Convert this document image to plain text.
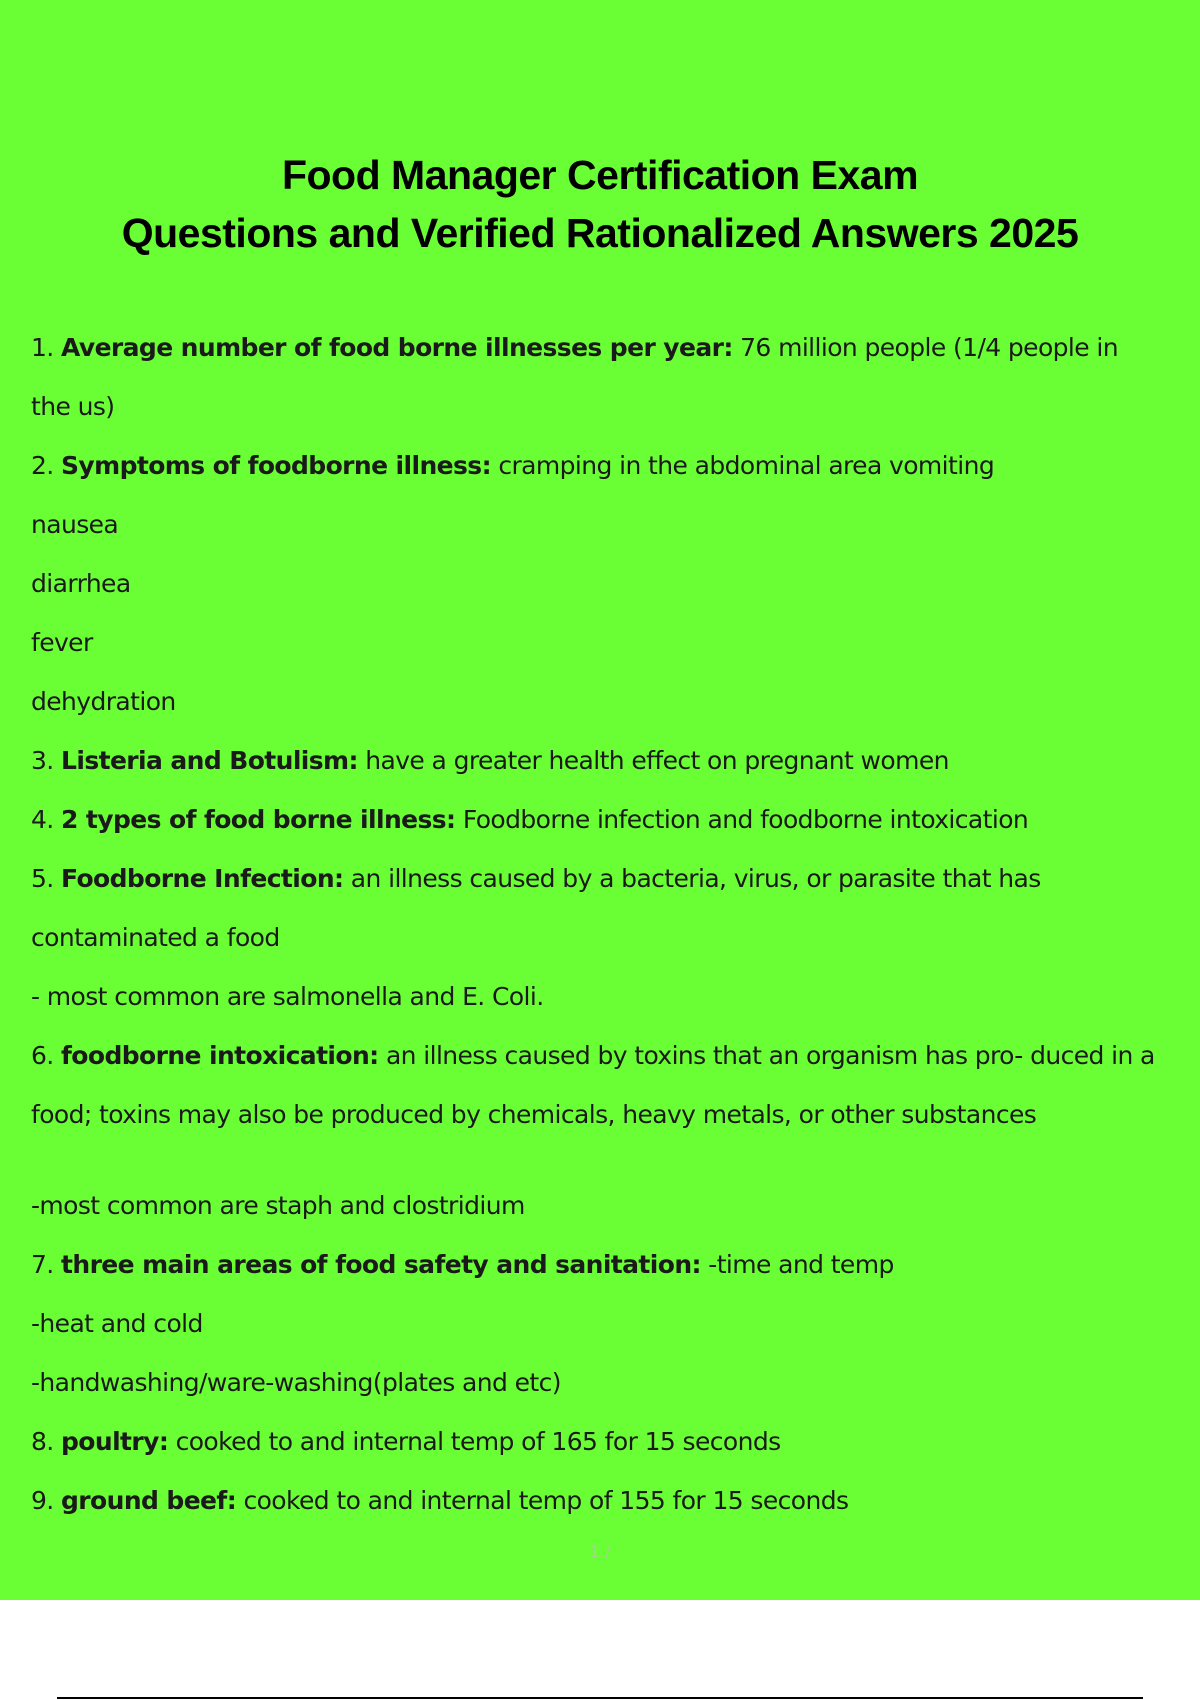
Food Manager Certification Exam
Questions and Verified Rationalized Answers 2025
1. Average number of food borne illnesses per year: 76 million people (1/4 people in
the us)
2. Symptoms of foodborne illness: cramping in the abdominal area vomiting
nausea
diarrhea
fever
dehydration
3. Listeria and Botulism: have a greater health effect on pregnant women
4. 2 types of food borne illness: Foodborne infection and foodborne intoxication
5. Foodborne Infection: an illness caused by a bacteria, virus, or parasite that has
contaminated a food
- most common are salmonella and E. Coli.
6. foodborne intoxication: an illness caused by toxins that an organism has pro- duced in a
food; toxins may also be produced by chemicals, heavy metals, or other substances
-most common are staph and clostridium
7. three main areas of food safety and sanitation: -time and temp
-heat and cold
-handwashing/ware-washing(plates and etc)
8. poultry: cooked to and internal temp of 165 for 15 seconds
9. ground beef: cooked to and internal temp of 155 for 15 seconds
1 /
